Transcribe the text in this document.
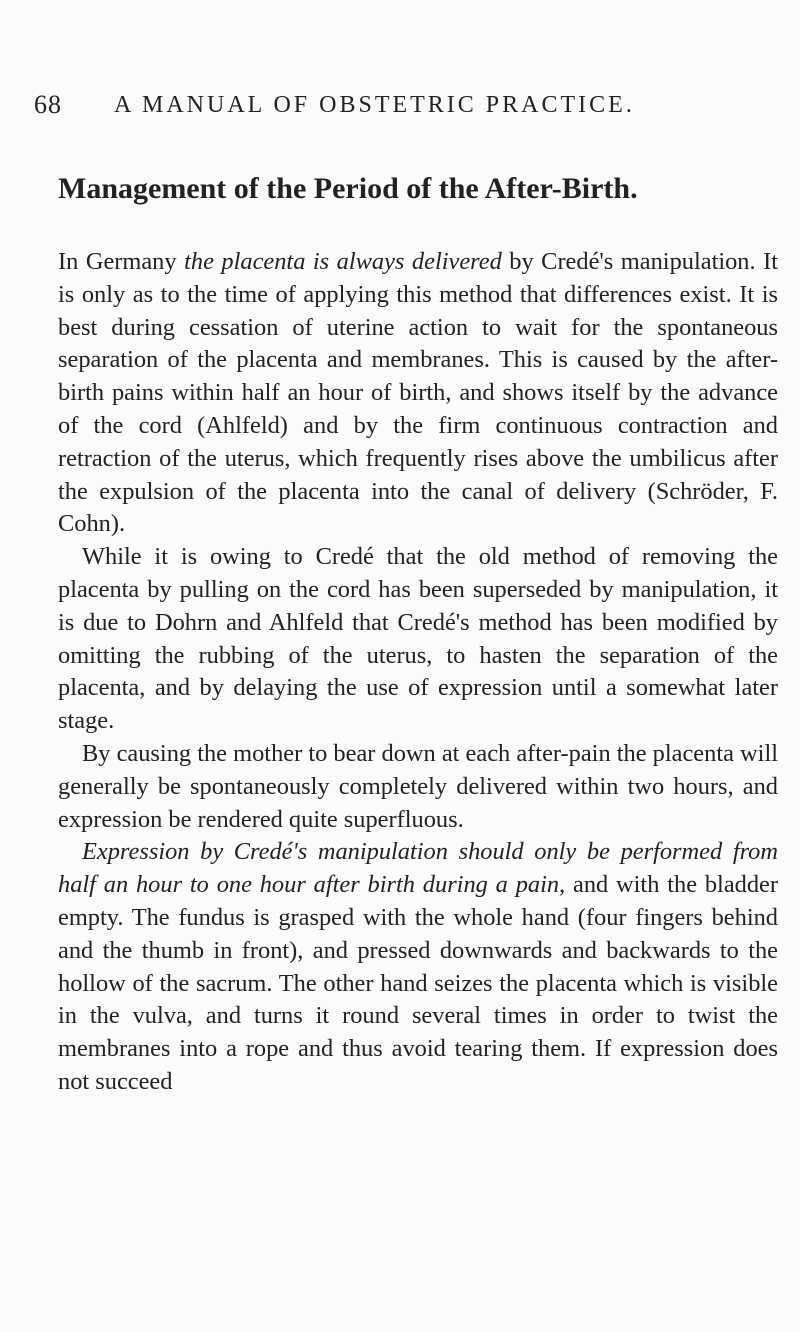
68 A MANUAL OF OBSTETRIC PRACTICE.
Management of the Period of the After-Birth.

In Germany the placenta is always delivered by Credé's manipulation. It is only as to the time of applying this method that differences exist. It is best during cessation of uterine action to wait for the spontaneous separation of the placenta and membranes. This is caused by the after-birth pains within half an hour of birth, and shows itself by the advance of the cord (Ahlfeld) and by the firm continuous contraction and retraction of the uterus, which frequently rises above the umbilicus after the expulsion of the placenta into the canal of delivery (Schröder, F. Cohn).

While it is owing to Credé that the old method of removing the placenta by pulling on the cord has been superseded by manipulation, it is due to Dohrn and Ahlfeld that Credé's method has been modified by omitting the rubbing of the uterus, to hasten the separation of the placenta, and by delaying the use of expression until a somewhat later stage.

By causing the mother to bear down at each after-pain the placenta will generally be spontaneously completely delivered within two hours, and expression be rendered quite superfluous.

Expression by Credé's manipulation should only be performed from half an hour to one hour after birth during a pain, and with the bladder empty. The fundus is grasped with the whole hand (four fingers behind and the thumb in front), and pressed downwards and backwards to the hollow of the sacrum. The other hand seizes the placenta which is visible in the vulva, and turns it round several times in order to twist the membranes into a rope and thus avoid tearing them. If expression does not succeed
